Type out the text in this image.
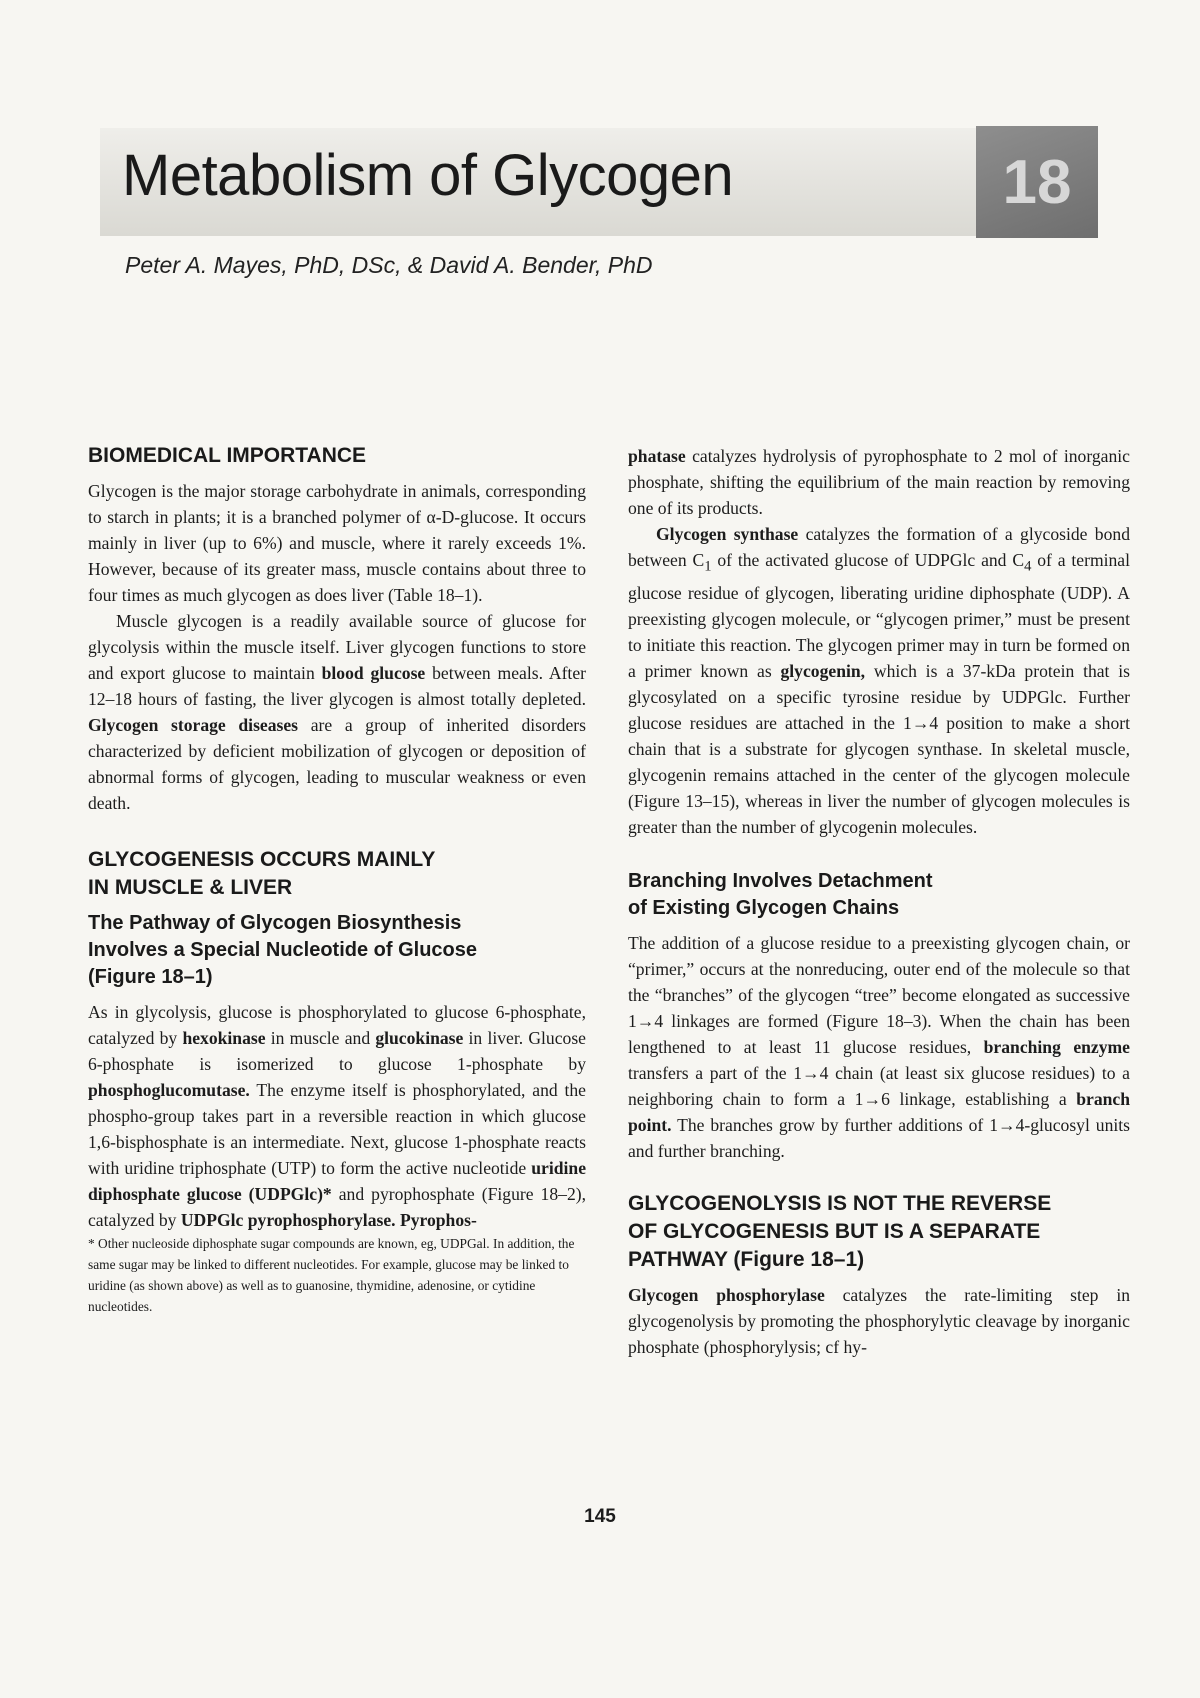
Metabolism of Glycogen	18
Peter A. Mayes, PhD, DSc, & David A. Bender, PhD
BIOMEDICAL IMPORTANCE

Glycogen is the major storage carbohydrate in animals, corresponding to starch in plants; it is a branched polymer of α-D-glucose. It occurs mainly in liver (up to 6%) and muscle, where it rarely exceeds 1%. However, because of its greater mass, muscle contains about three to four times as much glycogen as does liver (Table 18–1).

Muscle glycogen is a readily available source of glucose for glycolysis within the muscle itself. Liver glycogen functions to store and export glucose to maintain blood glucose between meals. After 12–18 hours of fasting, the liver glycogen is almost totally depleted. Glycogen storage diseases are a group of inherited disorders characterized by deficient mobilization of glycogen or deposition of abnormal forms of glycogen, leading to muscular weakness or even death.

GLYCOGENESIS OCCURS MAINLY
IN MUSCLE & LIVER
The Pathway of Glycogen Biosynthesis
Involves a Special Nucleotide of Glucose
(Figure 18–1)

As in glycolysis, glucose is phosphorylated to glucose 6-phosphate, catalyzed by hexokinase in muscle and glucokinase in liver. Glucose 6-phosphate is isomerized to glucose 1-phosphate by phosphoglucomutase. The enzyme itself is phosphorylated, and the phospho-group takes part in a reversible reaction in which glucose 1,6-bisphosphate is an intermediate. Next, glucose 1-phosphate reacts with uridine triphosphate (UTP) to form the active nucleotide uridine diphosphate glucose (UDPGlc)* and pyrophosphate (Figure 18–2), catalyzed by UDPGlc pyrophosphorylase. Pyrophos-

* Other nucleoside diphosphate sugar compounds are known, eg, UDPGal. In addition, the same sugar may be linked to different nucleotides. For example, glucose may be linked to uridine (as shown above) as well as to guanosine, thymidine, adenosine, or cytidine nucleotides.

phatase catalyzes hydrolysis of pyrophosphate to 2 mol of inorganic phosphate, shifting the equilibrium of the main reaction by removing one of its products.

Glycogen synthase catalyzes the formation of a glycoside bond between $C_1$ of the activated glucose of UDPGlc and $C_4$ of a terminal glucose residue of glycogen, liberating uridine diphosphate (UDP). A preexisting glycogen molecule, or “glycogen primer,” must be present to initiate this reaction. The glycogen primer may in turn be formed on a primer known as glycogenin, which is a 37-kDa protein that is glycosylated on a specific tyrosine residue by UDPGlc. Further glucose residues are attached in the 1→4 position to make a short chain that is a substrate for glycogen synthase. In skeletal muscle, glycogenin remains attached in the center of the glycogen molecule (Figure 13–15), whereas in liver the number of glycogen molecules is greater than the number of glycogenin molecules.

Branching Involves Detachment
of Existing Glycogen Chains

The addition of a glucose residue to a preexisting glycogen chain, or “primer,” occurs at the nonreducing, outer end of the molecule so that the “branches” of the glycogen “tree” become elongated as successive 1→4 linkages are formed (Figure 18–3). When the chain has been lengthened to at least 11 glucose residues, branching enzyme transfers a part of the 1→4 chain (at least six glucose residues) to a neighboring chain to form a 1→6 linkage, establishing a branch point. The branches grow by further additions of 1→4-glucosyl units and further branching.

GLYCOGENOLYSIS IS NOT THE REVERSE
OF GLYCOGENESIS BUT IS A SEPARATE
PATHWAY (Figure 18–1)

Glycogen phosphorylase catalyzes the rate-limiting step in glycogenolysis by promoting the phosphorylytic cleavage by inorganic phosphate (phosphorylysis; cf hy-

145
